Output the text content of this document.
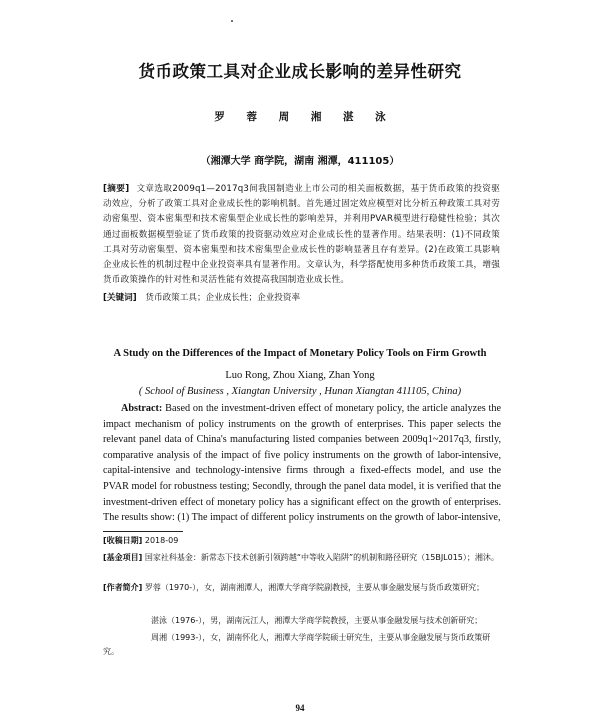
货币政策工具对企业成长影响的差异性研究
罗 蓉 周 湘 湛 泳
（湘潭大学 商学院，湖南 湘潭，411105）
[摘要] 文章选取2009q1—2017q3间我国制造业上市公司的相关面板数据，基于货币政策的投资驱动效应，分析了政策工具对企业成长性的影响机制。首先通过固定效应模型对比分析五种政策工具对劳动密集型、资本密集型和技术密集型企业成长性的影响差异，并利用PVAR模型进行稳健性检验；其次通过面板数据模型验证了货币政策的投资驱动效应对企业成长性的显著作用。结果表明：(1)不同政策工具对劳动密集型、资本密集型和技术密集型企业成长性的影响显著且存有差异。(2)在政策工具影响企业成长性的机制过程中企业投资率具有显著作用。文章认为，科学搭配使用多种货币政策工具，增强货币政策操作的针对性和灵活性能有效提高我国制造业成长性。
[关键词] 货币政策工具；企业成长性；企业投资率
A Study on the Differences of the Impact of Monetary Policy Tools on Firm Growth
Luo Rong, Zhou Xiang, Zhan Yong
( School of Business , Xiangtan University , Hunan Xiangtan 411105, China)
Abstract: Based on the investment-driven effect of monetary policy, the article analyzes the impact mechanism of policy instruments on the growth of enterprises. This paper selects the relevant panel data of China's manufacturing listed companies between 2009q1~2017q3, firstly, comparative analysis of the impact of five policy instruments on the growth of labor-intensive, capital-intensive and technology-intensive firms through a fixed-effects model, and use the PVAR model for robustness testing; Secondly, through the panel data model, it is verified that the investment-driven effect of monetary policy has a significant effect on the growth of enterprises. The results show: (1) The impact of different policy instruments on the growth of labor-intensive,
[收稿日期] 2018-09
[基金项目] 国家社科基金：新常态下技术创新引领跨越“中等收入陷阱”的机制和路径研究（15BJL015）；湘沐。
[作者简介] 罗蓉（1970-），女，湖南湘潭人，湘潭大学商学院副教授，主要从事金融发展与货币政策研究；
湛泳（1976-），男，湖南沅江人，湘潭大学商学院教授，主要从事金融发展与技术创新研究；
周湘（1993-），女，湖南怀化人，湘潭大学商学院硕士研究生，主要从事金融发展与货币政策研究。
94
